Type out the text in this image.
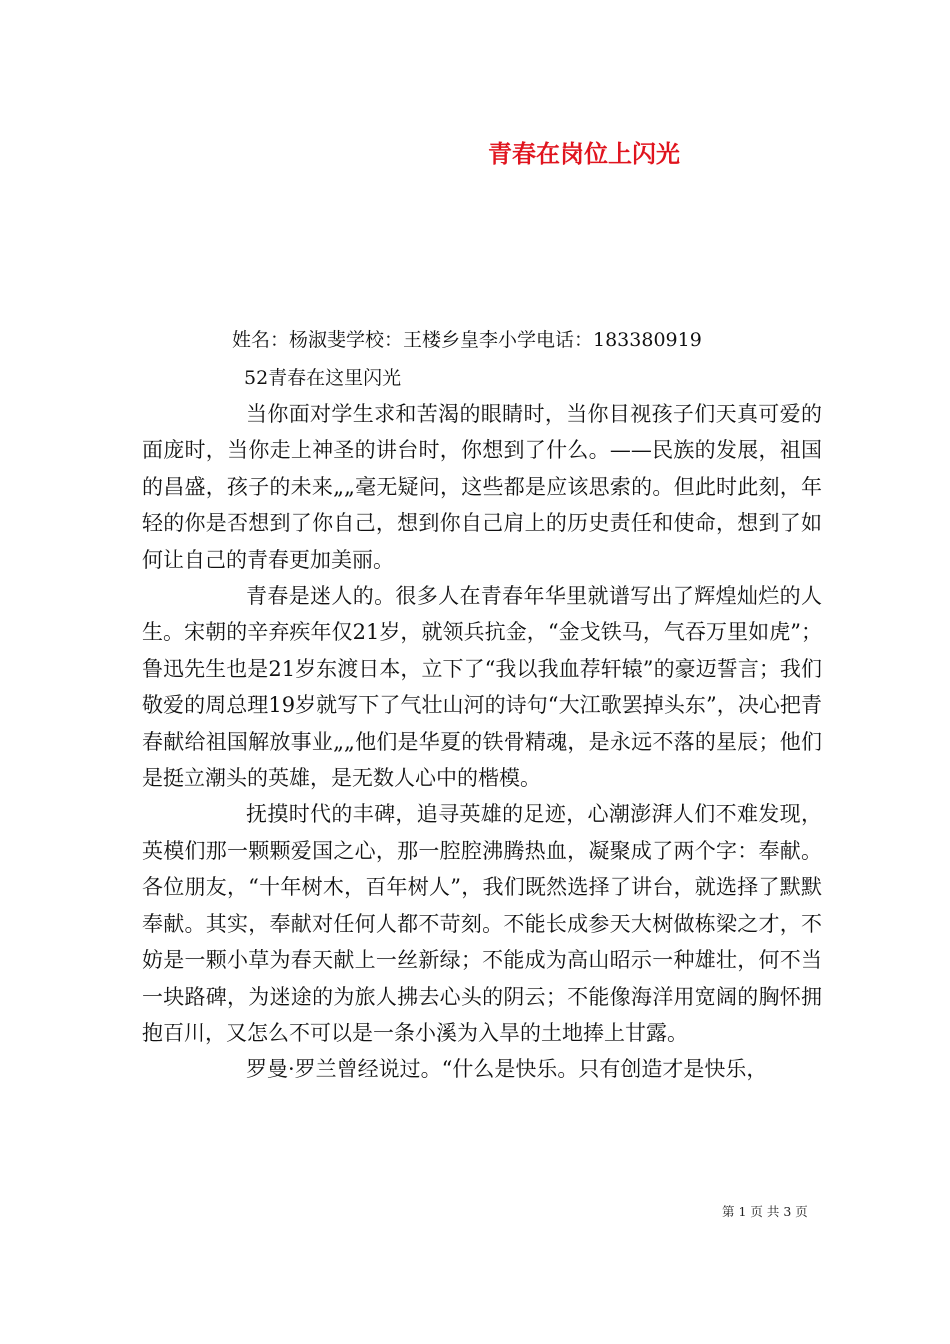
青春在岗位上闪光
姓名：杨淑斐学校：王楼乡皇李小学电话：183380919
52青春在这里闪光

当你面对学生求和苦渴的眼睛时，当你目视孩子们天真可爱的面庞时，当你走上神圣的讲台时，你想到了什么。——民族的发展，祖国的昌盛，孩子的未来„„毫无疑问，这些都是应该思索的。但此时此刻，年轻的你是否想到了你自己，想到你自己肩上的历史责任和使命，想到了如何让自己的青春更加美丽。

青春是迷人的。很多人在青春年华里就谱写出了辉煌灿烂的人生。宋朝的辛弃疾年仅21岁，就领兵抗金，“金戈铁马，气吞万里如虎”；鲁迅先生也是21岁东渡日本，立下了“我以我血荐轩辕”的豪迈誓言；我们敬爱的周总理19岁就写下了气壮山河的诗句“大江歌罢掉头东”，决心把青春献给祖国解放事业„„他们是华夏的铁骨精魂，是永远不落的星辰；他们是挺立潮头的英雄，是无数人心中的楷模。

抚摸时代的丰碑，追寻英雄的足迹，心潮澎湃人们不难发现，英模们那一颗颗爱国之心，那一腔腔沸腾热血，凝聚成了两个字：奉献。各位朋友，“十年树木，百年树人”，我们既然选择了讲台，就选择了默默奉献。其实，奉献对任何人都不苛刻。不能长成参天大树做栋梁之才，不妨是一颗小草为春天献上一丝新绿；不能成为高山昭示一种雄壮，何不当一块路碑，为迷途的为旅人拂去心头的阴云；不能像海洋用宽阔的胸怀拥抱百川，又怎么不可以是一条小溪为入旱的土地捧上甘露。

罗曼·罗兰曾经说过。“什么是快乐。只有创造才是快乐，

第 1 页 共 3 页
